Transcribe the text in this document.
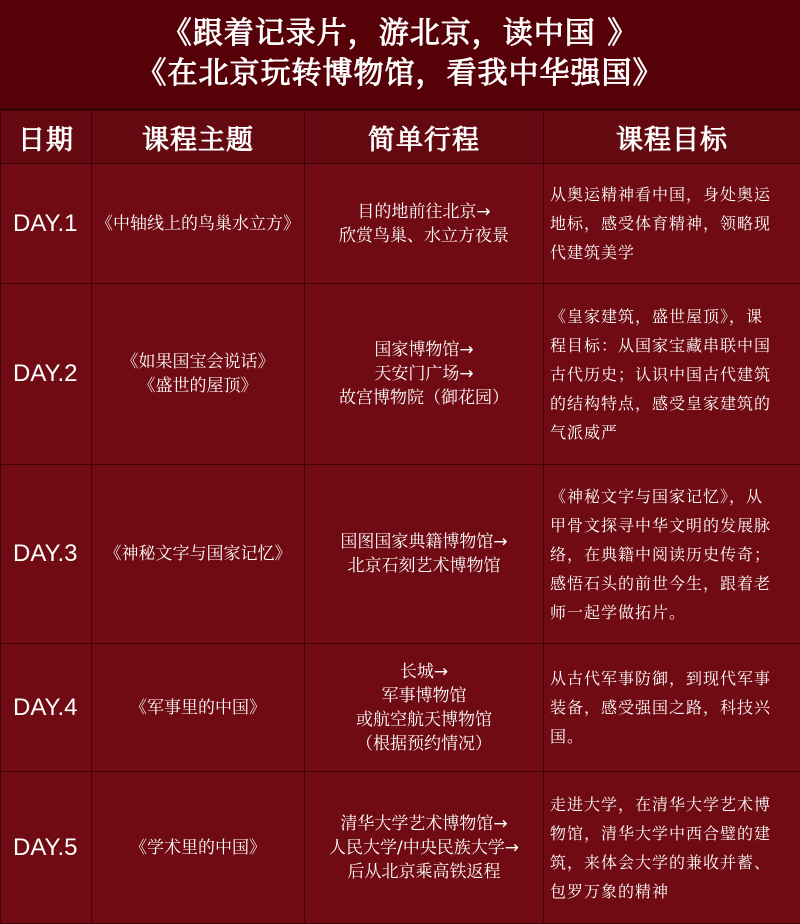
《跟着记录片，游北京，读中国 》
《在北京玩转博物馆，看我中华强国》
日期	课程主题	简单行程	课程目标
DAY.1	《中轴线上的鸟巢水立方》	目的地前往北京→
欣赏鸟巢、水立方夜景	从奥运精神看中国，身处奥运
地标，感受体育精神，领略现
代建筑美学

DAY.2	《如果国宝会说话》
《盛世的屋顶》	国家博物馆→
天安门广场→
故宫博物院（御花园）	《皇家建筑，盛世屋顶》，课
程目标：从国家宝藏串联中国
古代历史；认识中国古代建筑
的结构特点，感受皇家建筑的
气派威严

DAY.3	《神秘文字与国家记忆》	国图国家典籍博物馆→
北京石刻艺术博物馆	《神秘文字与国家记忆》，从
甲骨文探寻中华文明的发展脉
络，在典籍中阅读历史传奇；
感悟石头的前世今生，跟着老
师一起学做拓片。

DAY.4	《军事里的中国》	长城→
军事博物馆
或航空航天博物馆
（根据预约情况）	从古代军事防御，到现代军事
装备，感受强国之路，科技兴
国。

DAY.5	《学术里的中国》	清华大学艺术博物馆→
人民大学/中央民族大学→
后从北京乘高铁返程	走进大学，在清华大学艺术博
物馆，清华大学中西合璧的建
筑，来体会大学的兼收并蓄、
包罗万象的精神
